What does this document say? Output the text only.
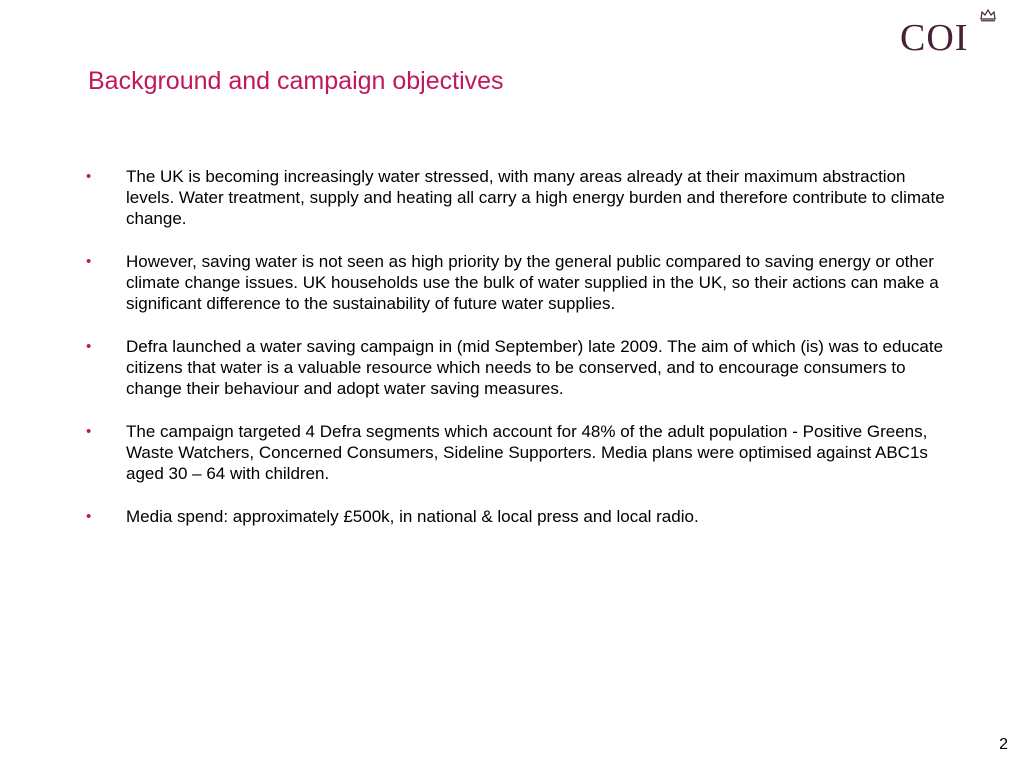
COI
Background and campaign objectives
• The UK is becoming increasingly water stressed, with many areas already at their maximum abstraction levels. Water treatment, supply and heating all carry a high energy burden and therefore contribute to climate change.
• However, saving water is not seen as high priority by the general public compared to saving energy or other climate change issues. UK households use the bulk of water supplied in the UK, so their actions can make a significant difference to the sustainability of future water supplies.
• Defra launched a water saving campaign in (mid September) late 2009. The aim of which (is) was to educate citizens that water is a valuable resource which needs to be conserved, and to encourage consumers to change their behaviour and adopt water saving measures.
• The campaign targeted 4 Defra segments which account for 48% of the adult population - Positive Greens, Waste Watchers, Concerned Consumers, Sideline Supporters. Media plans were optimised against ABC1s aged 30 – 64 with children.
• Media spend: approximately £500k, in national & local press and local radio.
2
